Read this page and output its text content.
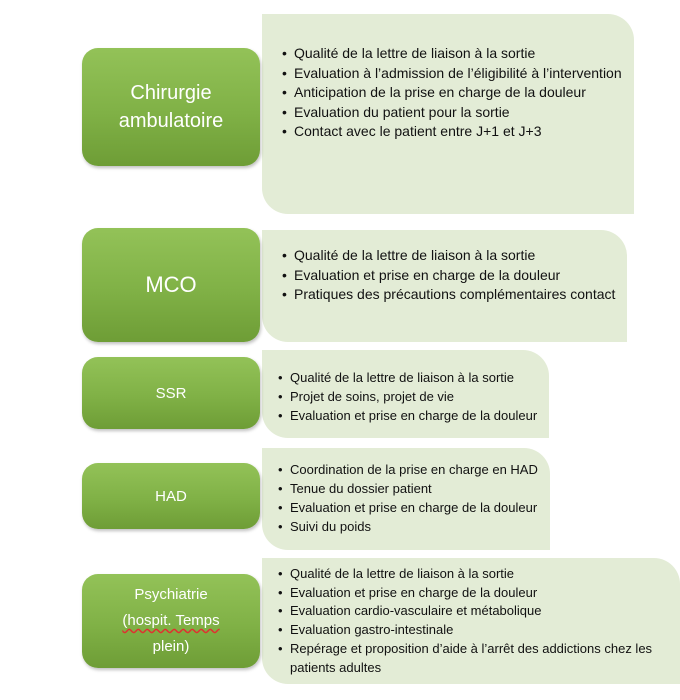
• Qualité de la lettre de liaison à la sortie
• Evaluation à l’admission de l’éligibilité à l’intervention
• Anticipation de la prise en charge de la douleur
• Evaluation du patient pour la sortie
• Contact avec le patient entre J+1 et J+3
Chirurgie
ambulatoire
• Qualité de la lettre de liaison à la sortie
• Evaluation et prise en charge de la douleur
• Pratiques des précautions complémentaires contact
MCO
• Qualité de la lettre de liaison à la sortie
• Projet de soins, projet de vie
• Evaluation et prise en charge de la douleur
SSR
• Coordination de la prise en charge en HAD
• Tenue du dossier patient
• Evaluation et prise en charge de la douleur
• Suivi du poids
HAD
• Qualité de la lettre de liaison à la sortie
• Evaluation et prise en charge de la douleur
• Evaluation cardio-vasculaire et métabolique
• Evaluation gastro-intestinale
• Repérage et proposition d’aide à l’arrêt des addictions chez les patients adultes
Psychiatrie
(hospit. Temps
plein)
